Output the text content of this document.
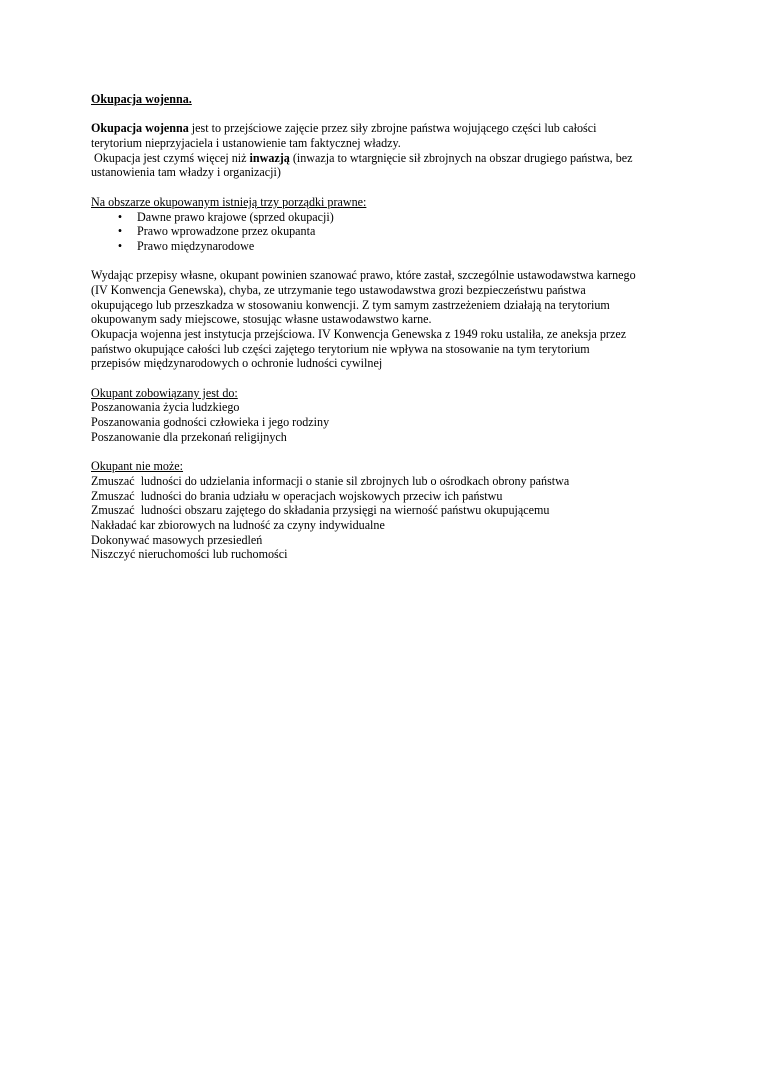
Okupacja wojenna.
Okupacja wojenna jest to przejściowe zajęcie przez siły zbrojne państwa wojującego części lub całości
terytorium nieprzyjaciela i ustanowienie tam faktycznej władzy.
Okupacja jest czymś więcej niż inwazją (inwazja to wtargnięcie sił zbrojnych na obszar drugiego państwa, bez
ustanowienia tam władzy i organizacji)
Na obszarze okupowanym istnieją trzy porządki prawne:
• Dawne prawo krajowe (sprzed okupacji)
• Prawo wprowadzone przez okupanta
• Prawo międzynarodowe
Wydając przepisy własne, okupant powinien szanować prawo, które zastał, szczególnie ustawodawstwa karnego
(IV Konwencja Genewska), chyba, ze utrzymanie tego ustawodawstwa grozi bezpieczeństwu państwa
okupującego lub przeszkadza w stosowaniu konwencji. Z tym samym zastrzeżeniem działają na terytorium
okupowanym sady miejscowe, stosując własne ustawodawstwo karne.
Okupacja wojenna jest instytucja przejściowa. IV Konwencja Genewska z 1949 roku ustaliła, ze aneksja przez
państwo okupujące całości lub części zajętego terytorium nie wpływa na stosowanie na tym terytorium
przepisów międzynarodowych o ochronie ludności cywilnej
Okupant zobowiązany jest do:
Poszanowania życia ludzkiego
Poszanowania godności człowieka i jego rodziny
Poszanowanie dla przekonań religijnych
Okupant nie może:
Zmuszać  ludności do udzielania informacji o stanie sil zbrojnych lub o ośrodkach obrony państwa
Zmuszać  ludności do brania udziału w operacjach wojskowych przeciw ich państwu
Zmuszać  ludności obszaru zajętego do składania przysięgi na wierność państwu okupującemu
Nakładać kar zbiorowych na ludność za czyny indywidualne
Dokonywać masowych przesiedleń
Niszczyć nieruchomości lub ruchomości
